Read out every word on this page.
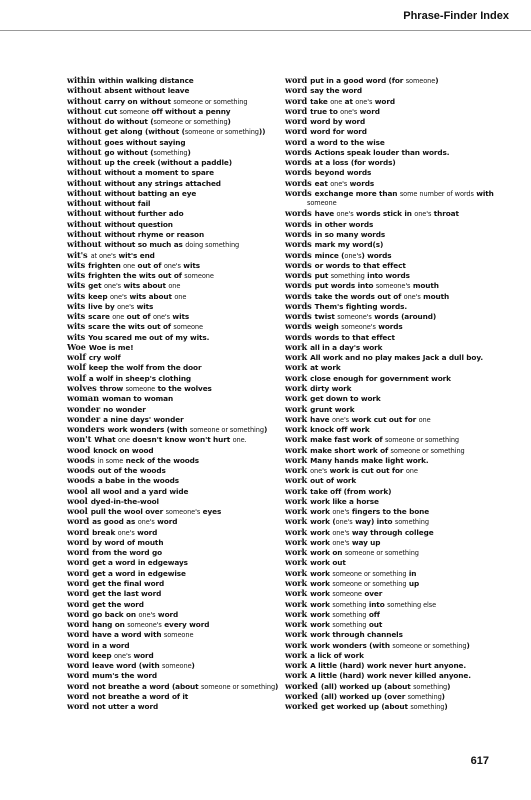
Phrase-Finder Index
within within walking distance
without absent without leave
without carry on without someone or something
without cut someone off without a penny
without do without (someone or something)
without get along (without (someone or something))
without goes without saying
without go without (something)
without up the creek (without a paddle)
without without a moment to spare
without without any strings attached
without without batting an eye
without without fail
without without further ado
without without question
without without rhyme or reason
without without so much as doing something
wit's at one's wit's end
wits frighten one out of one's wits
wits frighten the wits out of someone
wits get one's wits about one
wits keep one's wits about one
wits live by one's wits
wits scare one out of one's wits
wits scare the wits out of someone
wits You scared me out of my wits.
Woe Woe is me!
wolf cry wolf
wolf keep the wolf from the door
wolf a wolf in sheep's clothing
wolves throw someone to the wolves
woman woman to woman
wonder no wonder
wonder a nine days' wonder
wonders work wonders (with someone or something)
won't What one doesn't know won't hurt one.
wood knock on wood
woods in some neck of the woods
woods out of the woods
woods a babe in the woods
wool all wool and a yard wide
wool dyed-in-the-wool
wool pull the wool over someone's eyes
word as good as one's word
word break one's word
word by word of mouth
word from the word go
word get a word in edgeways
word get a word in edgewise
word get the final word
word get the last word
word get the word
word go back on one's word
word hang on someone's every word
word have a word with someone
word in a word
word keep one's word
word leave word (with someone)
word mum's the word
word not breathe a word (about someone or something)
word not breathe a word of it
word not utter a word
word put in a good word (for someone)
word say the word
word take one at one's word
word true to one's word
word word by word
word word for word
word a word to the wise
words Actions speak louder than words.
words at a loss (for words)
words beyond words
words eat one's words
words exchange more than some number of words with
someone
words have one's words stick in one's throat
words in other words
words in so many words
words mark my word(s)
words mince (one's) words
words or words to that effect
words put something into words
words put words into someone's mouth
words take the words out of one's mouth
words Them's fighting words.
words twist someone's words (around)
words weigh someone's words
words words to that effect
work all in a day's work
work All work and no play makes Jack a dull boy.
work at work
work close enough for government work
work dirty work
work get down to work
work grunt work
work have one's work cut out for one
work knock off work
work make fast work of someone or something
work make short work of someone or something
work Many hands make light work.
work one's work is cut out for one
work out of work
work take off (from work)
work work like a horse
work work one's fingers to the bone
work work (one's way) into something
work work one's way through college
work work one's way up
work work on someone or something
work work out
work work someone or something in
work work someone or something up
work work someone over
work work something into something else
work work something off
work work something out
work work through channels
work work wonders (with someone or something)
work a lick of work
work A little (hard) work never hurt anyone.
work A little (hard) work never killed anyone.
worked (all) worked up (about something)
worked (all) worked up (over something)
worked get worked up (about something)
617
